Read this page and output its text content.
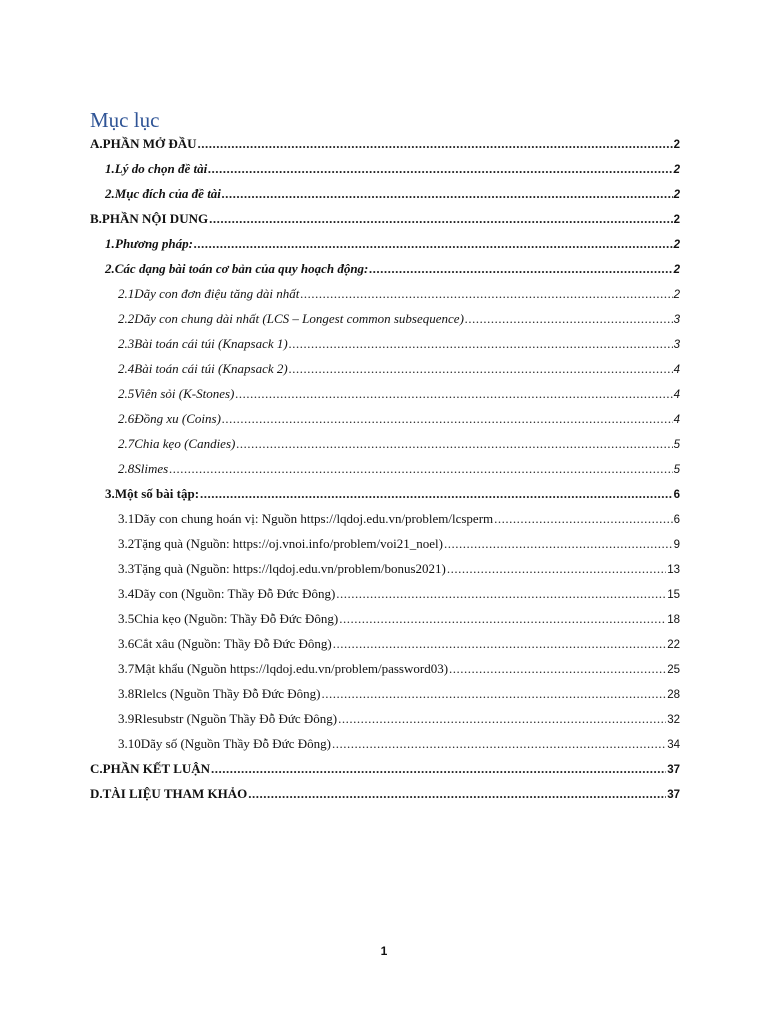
Mục lục
A. PHẦN MỞ ĐẦU .....	2
1. Lý do chọn đề tài .....	2
2. Mục đích của đề tài .....	2
B. PHẦN NỘI DUNG .....	2
1. Phương pháp: .....	2
2. Các dạng bài toán cơ bản của quy hoạch động: .....	2
2.1 Dãy con đơn điệu tăng dài nhất .....	2
2.2 Dãy con chung dài nhất (LCS – Longest common subsequence) .....	3
2.3 Bài toán cái túi (Knapsack 1) .....	3
2.4 Bài toán cái túi (Knapsack 2) .....	4
2.5 Viên sỏi (K-Stones) .....	4
2.6 Đồng xu (Coins) .....	4
2.7 Chia kẹo (Candies) .....	5
2.8 Slimes .....	5
3. Một số bài tập: .....	6
3.1 Dãy con chung hoán vị: Nguồn https://lqdoj.edu.vn/problem/lcsperm .....	6
3.2 Tặng quà (Nguồn: https://oj.vnoi.info/problem/voi21_noel) .....	9
3.3 Tặng quà (Nguồn: https://lqdoj.edu.vn/problem/bonus2021) .....	13
3.4 Dãy con (Nguồn: Thầy Đỗ Đức Đông) .....	15
3.5 Chia kẹo (Nguồn: Thầy Đỗ Đức Đông) .....	18
3.6 Cắt xâu (Nguồn: Thầy Đỗ Đức Đông) .....	22
3.7 Mật khẩu (Nguồn https://lqdoj.edu.vn/problem/password03) .....	25
3.8 Rlelcs (Nguồn Thầy Đỗ Đức Đông) .....	28
3.9 Rlesubstr (Nguồn Thầy Đỗ Đức Đông) .....	32
3.10 Dãy số (Nguồn Thầy Đỗ Đức Đông) .....	34
C. PHẦN KẾT LUẬN .....	37
D. TÀI LIỆU THAM KHẢO .....	37
1
